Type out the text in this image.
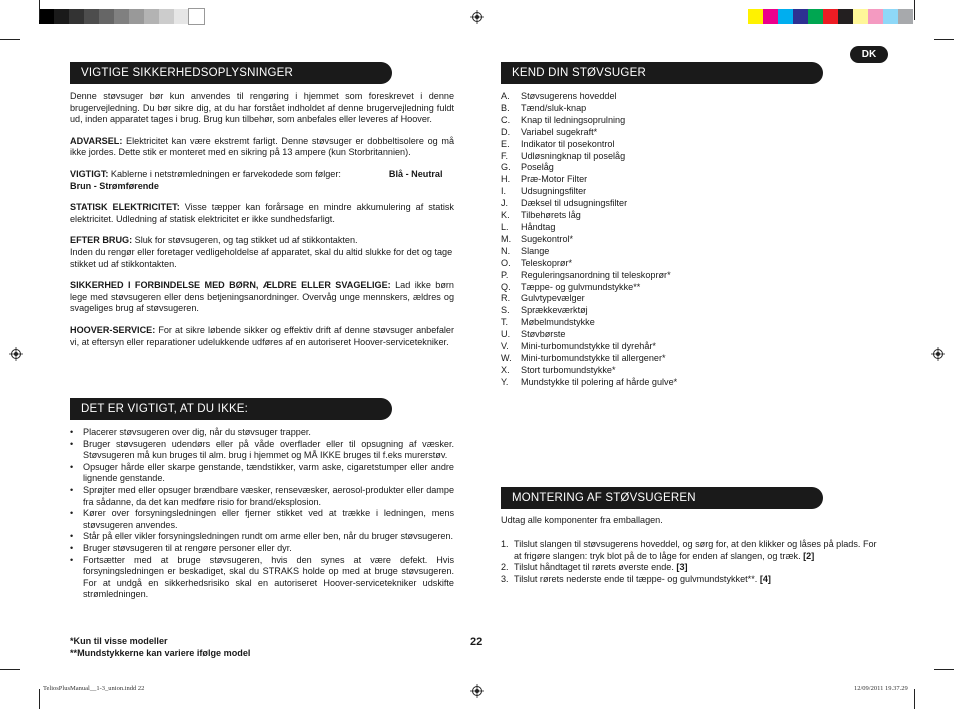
DK
VIGTIGE SIKKERHEDSOPLYSNINGER

Denne støvsuger bør kun anvendes til rengøring i hjemmet som foreskrevet i denne brugervejledning. Du bør sikre dig, at du har forstået indholdet af denne brugervejledning fuldt ud, inden apparatet tages i brug. Brug kun tilbehør, som anbefales eller leveres af Hoover.

ADVARSEL: Elektricitet kan være ekstremt farligt. Denne støvsuger er dobbeltisolere og må ikke jordes. Dette stik er monteret med en sikring på 13 ampere (kun Storbritannien).

VIGTIGT: Kablerne i netstrømledningen er farvekodede som følger:	Blå - Neutral
Brun - Strømførende

STATISK ELEKTRICITET: Visse tæpper kan forårsage en mindre akkumulering af statisk elektricitet. Udledning af statisk elektricitet er ikke sundhedsfarligt.

EFTER BRUG: Sluk for støvsugeren, og tag stikket ud af stikkontakten.
Inden du rengør eller foretager vedligeholdelse af apparatet, skal du altid slukke for det og tage stikket ud af stikkontakten.

SIKKERHED I FORBINDELSE MED BØRN, ÆLDRE ELLER SVAGELIGE: Lad ikke børn lege med støvsugeren eller dens betjeningsanordninger. Overvåg unge mennskers, ældres og svageliges brug af støvsugeren.

HOOVER-SERVICE: For at sikre løbende sikker og effektiv drift af denne støvsuger anbefaler vi, at eftersyn eller reparationer udelukkende udføres af en autoriseret Hoover-servicetekniker.

DET ER VIGTIGT, AT DU IKKE:
• Placerer støvsugeren over dig, når du støvsuger trapper.
• Bruger støvsugeren udendørs eller på våde overflader eller til opsugning af væsker. Støvsugeren må kun bruges til alm. brug i hjemmet og MÅ IKKE bruges til f.eks murerstøv.
• Opsuger hårde eller skarpe genstande, tændstikker, varm aske, cigaretstumper eller andre lignende genstande.
• Sprøjter med eller opsuger brændbare væsker, rensevæsker, aerosol-produkter eller dampe fra sådanne, da det kan medføre risio for brand/eksplosion.
• Kører over forsyningsledningen eller fjerner stikket ved at trække i ledningen, mens støvsugeren anvendes.
• Står på eller vikler forsyningsledningen rundt om arme eller ben, når du bruger støvsugeren.
• Bruger støvsugeren til at rengøre personer eller dyr.
• Fortsætter med at bruge støvsugeren, hvis den synes at være defekt. Hvis forsyningsledningen er beskadiget, skal du STRAKS holde op med at bruge støvsugeren. For at undgå en sikkerhedsrisiko skal en autoriseret Hoover-servicetekniker udskifte strømledningen.
*Kun til visse modeller
**Mundstykkerne kan variere ifølge model
22
KEND DIN STØVSUGER
A.	Støvsugerens hoveddel
B.	Tænd/sluk-knap
C.	Knap til ledningsoprulning
D.	Variabel sugekraft*
E.	Indikator til posekontrol
F.	Udløsningknap til poselåg
G.	Poselåg
H.	Præ-Motor Filter
I.	Udsugningsfilter
J.	Dæksel til udsugningsfilter
K.	Tilbehørets låg
L.	Håndtag
M.	Sugekontrol*
N.	Slange
O.	Teleskoprør*
P.	Reguleringsanordning til teleskoprør*
Q.	Tæppe- og gulvmundstykke**
R.	Gulvtypevælger
S.	Sprækkeværktøj
T.	Møbelmundstykke
U.	Støvbørste
V.	Mini-turbomundstykke til dyrehår*
W.	Mini-turbomundstykke til allergener*
X.	Stort turbomundstykke*
Y.	Mundstykke til polering af hårde gulve*
MONTERING AF STØVSUGEREN
Udtag alle komponenter fra emballagen.
1. Tilslut slangen til støvsugerens hoveddel, og sørg for, at den klikker og låses på plads. For at frigøre slangen: tryk blot på de to låge for enden af slangen, og træk. [2]
2. Tilslut håndtaget til rørets øverste ende. [3]
3. Tilslut rørets nederste ende til tæppe- og gulvmundstykket**. [4]
TeliosPlusManual__1-3_union.indd 22	12/09/2011 19.37.29
